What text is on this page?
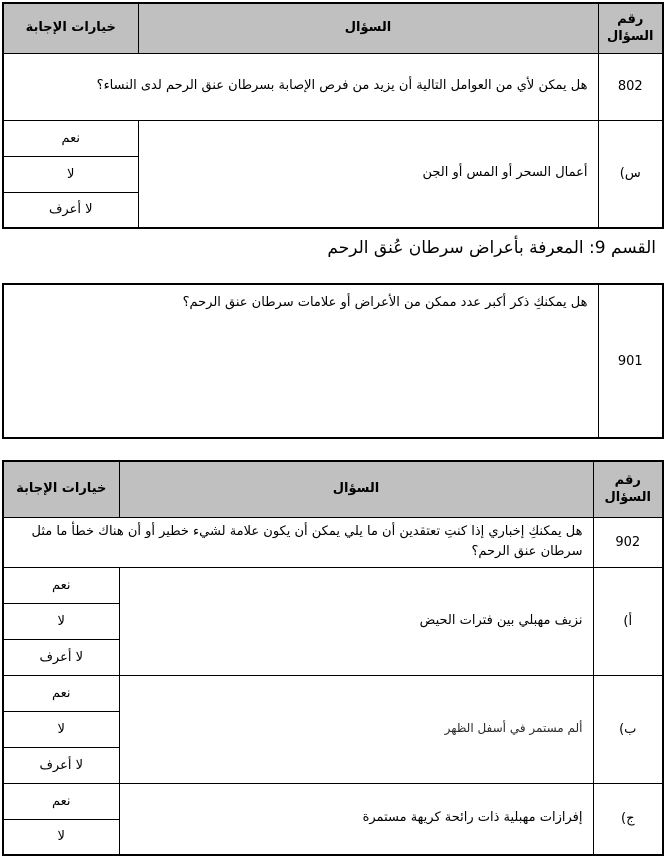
رقم السؤال	السؤال	خيارات الإجابة
802	هل يمكن لأي من العوامل التالية أن يزيد من فرص الإصابة بسرطان عنق الرحم لدى النساء؟	
س)	أعمال السحر أو المس أو الجن	نعم
		لا
		لا أعرف
القسم 9: المعرفة بأعراض سرطان عُنق الرحم
901	هل يمكنكِ ذكر أكبر عدد ممكن من الأعراض أو علامات سرطان عنق الرحم؟
رقم السؤال	السؤال	خيارات الإجابة
902	هل يمكنكِ إخباري إذا كنتِ تعتقدين أن ما يلي يمكن أن يكون علامة لشيء خطير أو أن هناك خطأ ما مثل سرطان عنق الرحم؟	
أ)	نزيف مهبلي بين فترات الحيض	نعم
		لا
		لا أعرف
ب)	ألم مستمر في أسفل الظهر	نعم
		لا
		لا أعرف
ج)	إفرازات مهبلية ذات رائحة كريهة مستمرة	نعم
		لا
